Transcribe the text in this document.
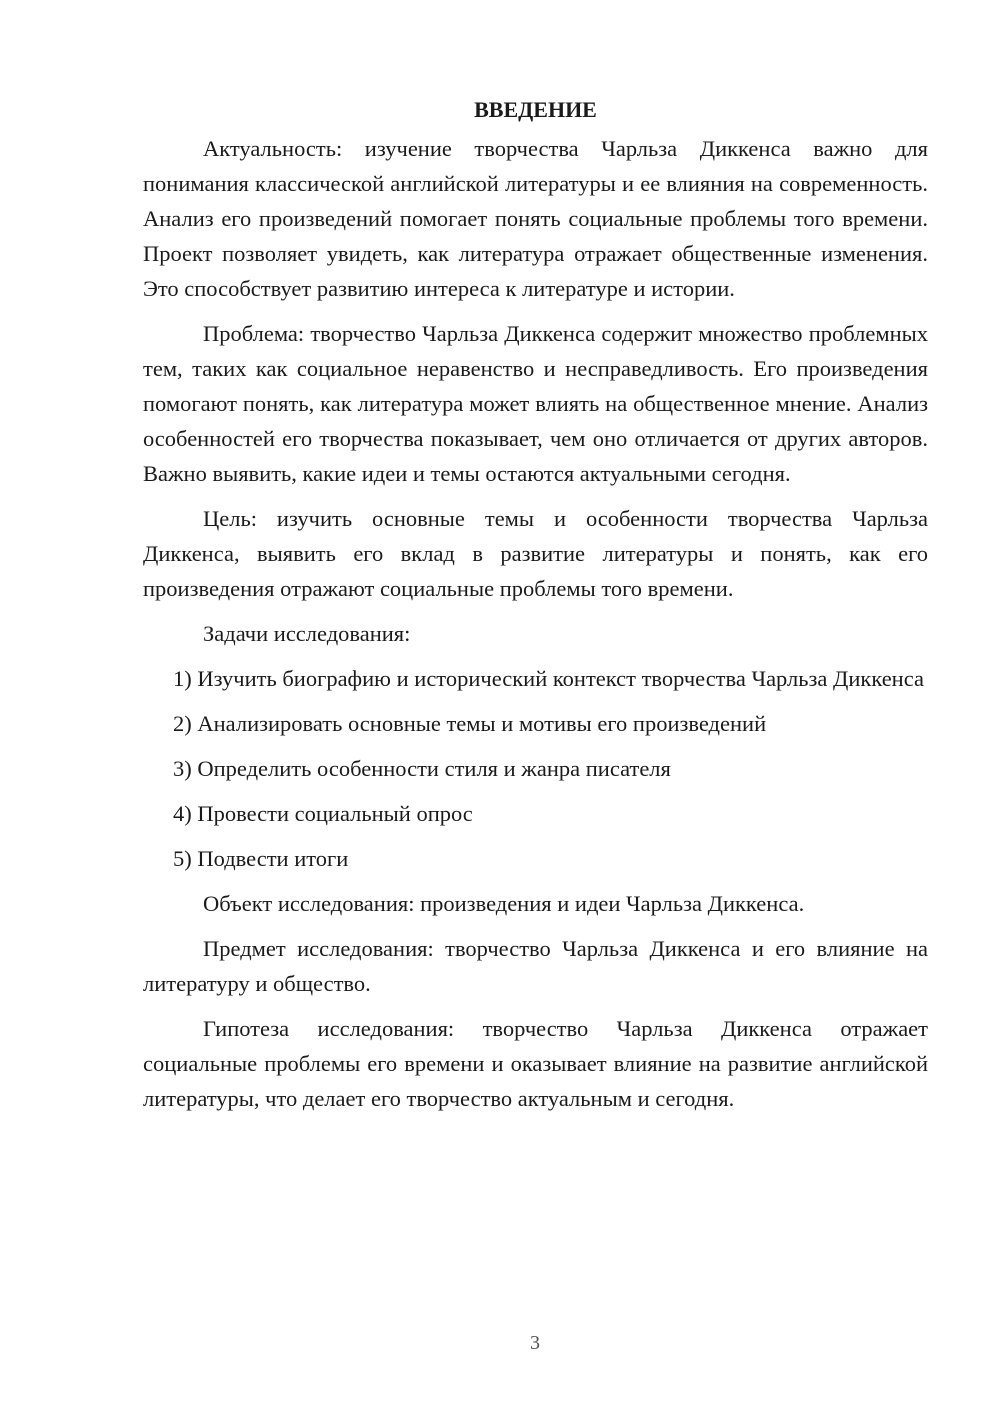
ВВЕДЕНИЕ

Актуальность: изучение творчества Чарльза Диккенса важно для понимания классической английской литературы и ее влияния на современность. Анализ его произведений помогает понять социальные проблемы того времени. Проект позволяет увидеть, как литература отражает общественные изменения. Это способствует развитию интереса к литературе и истории.

Проблема: творчество Чарльза Диккенса содержит множество проблемных тем, таких как социальное неравенство и несправедливость. Его произведения помогают понять, как литература может влиять на общественное мнение. Анализ особенностей его творчества показывает, чем оно отличается от других авторов. Важно выявить, какие идеи и темы остаются актуальными сегодня.

Цель: изучить основные темы и особенности творчества Чарльза Диккенса, выявить его вклад в развитие литературы и понять, как его произведения отражают социальные проблемы того времени.

Задачи исследования:

1) Изучить биографию и исторический контекст творчества Чарльза Диккенса

2) Анализировать основные темы и мотивы его произведений

3) Определить особенности стиля и жанра писателя

4) Провести социальный опрос

5) Подвести итоги

Объект исследования: произведения и идеи Чарльза Диккенса.

Предмет исследования: творчество Чарльза Диккенса и его влияние на литературу и общество.

Гипотеза исследования: творчество Чарльза Диккенса отражает социальные проблемы его времени и оказывает влияние на развитие английской литературы, что делает его творчество актуальным и сегодня.

3
